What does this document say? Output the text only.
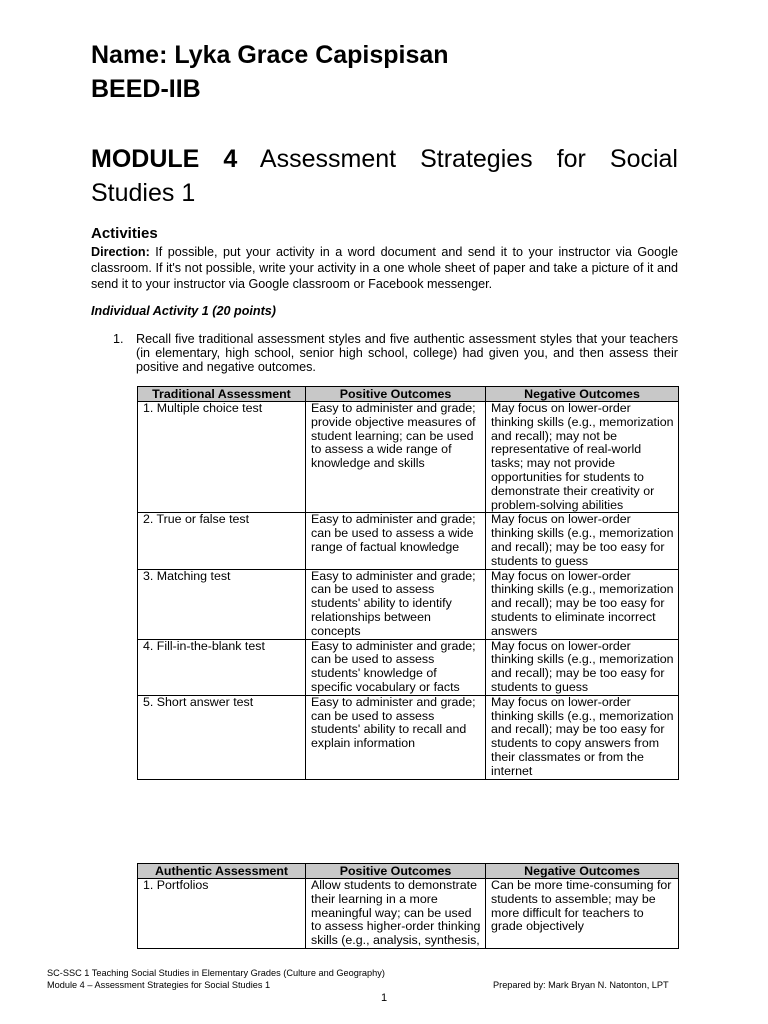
Name: Lyka Grace Capispisan
BEED-IIB
MODULE 4 Assessment Strategies for Social Studies 1
Activities
Direction: If possible, put your activity in a word document and send it to your instructor via Google classroom. If it's not possible, write your activity in a one whole sheet of paper and take a picture of it and send it to your instructor via Google classroom or Facebook messenger.
Individual Activity 1 (20 points)
1. Recall five traditional assessment styles and five authentic assessment styles that your teachers (in elementary, high school, senior high school, college) had given you, and then assess their positive and negative outcomes.
Traditional Assessment	Positive Outcomes	Negative Outcomes
1. Multiple choice test	Easy to administer and grade; provide objective measures of student learning; can be used to assess a wide range of knowledge and skills	May focus on lower-order thinking skills (e.g., memorization and recall); may not be representative of real-world tasks; may not provide opportunities for students to demonstrate their creativity or problem-solving abilities
2. True or false test	Easy to administer and grade; can be used to assess a wide range of factual knowledge	May focus on lower-order thinking skills (e.g., memorization and recall); may be too easy for students to guess
3. Matching test	Easy to administer and grade; can be used to assess students' ability to identify relationships between concepts	May focus on lower-order thinking skills (e.g., memorization and recall); may be too easy for students to eliminate incorrect answers
4. Fill-in-the-blank test	Easy to administer and grade; can be used to assess students' knowledge of specific vocabulary or facts	May focus on lower-order thinking skills (e.g., memorization and recall); may be too easy for students to guess
5. Short answer test	Easy to administer and grade; can be used to assess students' ability to recall and explain information	May focus on lower-order thinking skills (e.g., memorization and recall); may be too easy for students to copy answers from their classmates or from the internet
Authentic Assessment	Positive Outcomes	Negative Outcomes
1. Portfolios	Allow students to demonstrate their learning in a more meaningful way; can be used to assess higher-order thinking skills (e.g., analysis, synthesis,	Can be more time-consuming for students to assemble; may be more difficult for teachers to grade objectively
SC-SSC 1 Teaching Social Studies in Elementary Grades (Culture and Geography)
Module 4 – Assessment Strategies for Social Studies 1	Prepared by: Mark Bryan N. Natonton, LPT
1
